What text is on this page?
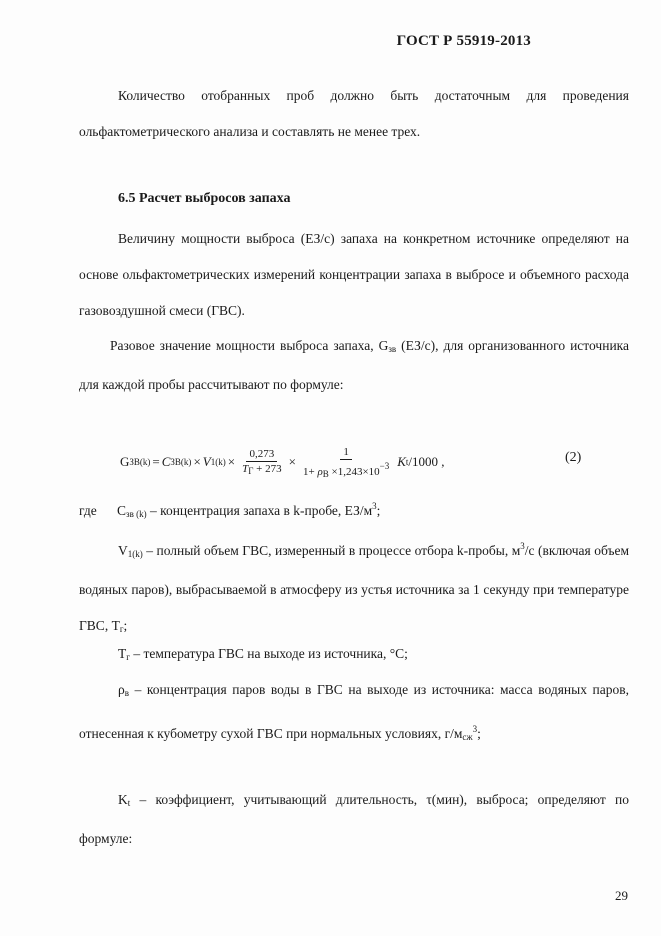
ГОСТ Р 55919-2013
Количество отобранных проб должно быть достаточным для проведения ольфактометрического анализа и составлять не менее трех.
6.5 Расчет выбросов запаха
Величину мощности выброса (ЕЗ/с) запаха на конкретном источнике определяют на основе ольфактометрических измерений концентрации запаха в выбросе и объемного расхода газовоздушной смеси (ГВС).
Разовое значение мощности выброса запаха, $G_{зв}$ (ЕЗ/с), для организованного источника для каждой пробы рассчитывают по формуле:
G ЗВ(k) = C ЗВ(k) × V $1(k) \times \frac{0,273}{T_Г + 273} \times \frac{1}{1+ \rho_В \times 1,243\times 10^{-3}}$ K t /1000 ,	(2)
где $C_{зв (k)}$ – концентрация запаха в k-пробе, $ЕЗ/м^3$;
$V_{1(k)}$ – полный объем ГВС, измеренный в процессе отбора k-пробы, $м^3/с$ (включая объем водяных паров), выбрасываемой в атмосферу из устья источника за 1 секунду при температуре ГВС, $Т_г$;
$Т_г$ – температура ГВС на выходе из источника, °С;
$\rho_в$ – концентрация паров воды в ГВС на выходе из источника: масса водяных паров, отнесенная к кубометру сухой ГВС при нормальных условиях, $г/м_{сж}^3$;
$K_t$ – коэффициент, учитывающий длительность, τ(мин), выброса; определяют по формуле:
29
